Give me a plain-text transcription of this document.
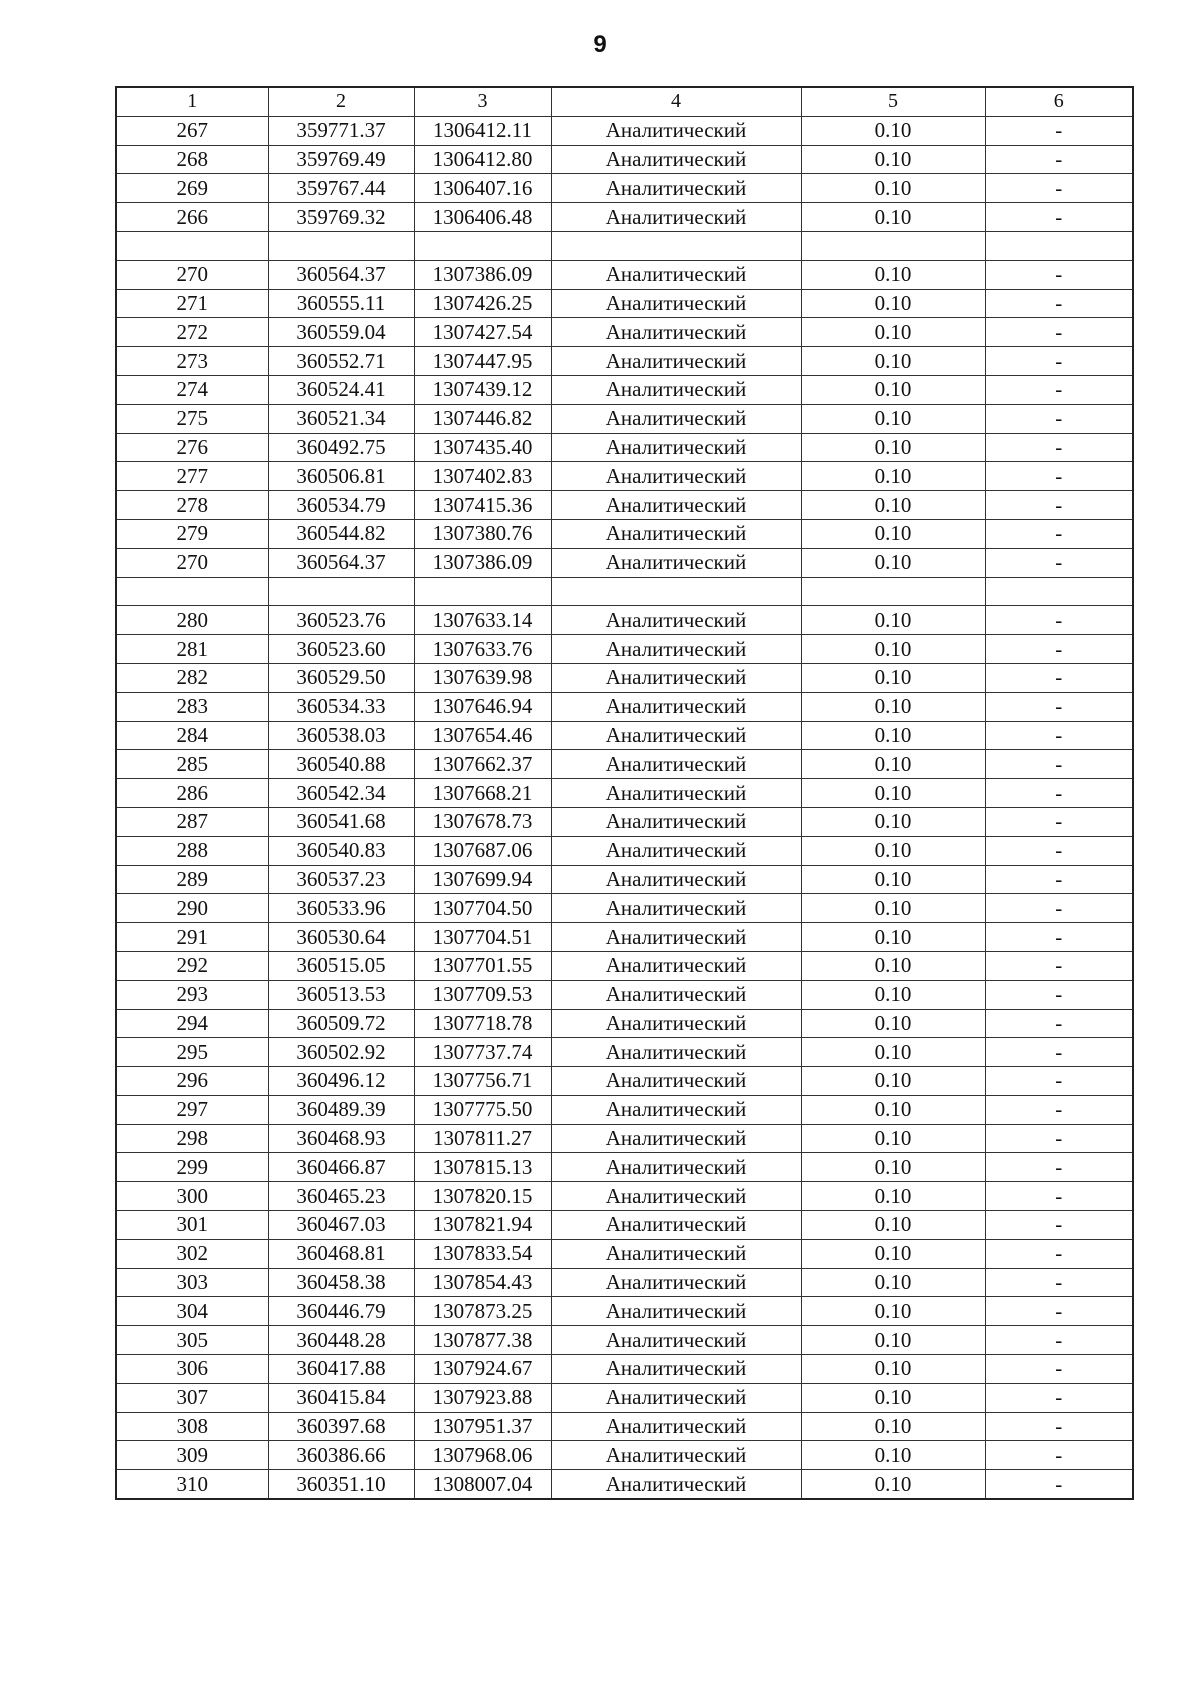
9
1	2	3	4	5	6
267	359771.37	1306412.11	Аналитический	0.10	-
268	359769.49	1306412.80	Аналитический	0.10	-
269	359767.44	1306407.16	Аналитический	0.10	-
266	359769.32	1306406.48	Аналитический	0.10	-

270	360564.37	1307386.09	Аналитический	0.10	-
271	360555.11	1307426.25	Аналитический	0.10	-
272	360559.04	1307427.54	Аналитический	0.10	-
273	360552.71	1307447.95	Аналитический	0.10	-
274	360524.41	1307439.12	Аналитический	0.10	-
275	360521.34	1307446.82	Аналитический	0.10	-
276	360492.75	1307435.40	Аналитический	0.10	-
277	360506.81	1307402.83	Аналитический	0.10	-
278	360534.79	1307415.36	Аналитический	0.10	-
279	360544.82	1307380.76	Аналитический	0.10	-
270	360564.37	1307386.09	Аналитический	0.10	-

280	360523.76	1307633.14	Аналитический	0.10	-
281	360523.60	1307633.76	Аналитический	0.10	-
282	360529.50	1307639.98	Аналитический	0.10	-
283	360534.33	1307646.94	Аналитический	0.10	-
284	360538.03	1307654.46	Аналитический	0.10	-
285	360540.88	1307662.37	Аналитический	0.10	-
286	360542.34	1307668.21	Аналитический	0.10	-
287	360541.68	1307678.73	Аналитический	0.10	-
288	360540.83	1307687.06	Аналитический	0.10	-
289	360537.23	1307699.94	Аналитический	0.10	-
290	360533.96	1307704.50	Аналитический	0.10	-
291	360530.64	1307704.51	Аналитический	0.10	-
292	360515.05	1307701.55	Аналитический	0.10	-
293	360513.53	1307709.53	Аналитический	0.10	-
294	360509.72	1307718.78	Аналитический	0.10	-
295	360502.92	1307737.74	Аналитический	0.10	-
296	360496.12	1307756.71	Аналитический	0.10	-
297	360489.39	1307775.50	Аналитический	0.10	-
298	360468.93	1307811.27	Аналитический	0.10	-
299	360466.87	1307815.13	Аналитический	0.10	-
300	360465.23	1307820.15	Аналитический	0.10	-
301	360467.03	1307821.94	Аналитический	0.10	-
302	360468.81	1307833.54	Аналитический	0.10	-
303	360458.38	1307854.43	Аналитический	0.10	-
304	360446.79	1307873.25	Аналитический	0.10	-
305	360448.28	1307877.38	Аналитический	0.10	-
306	360417.88	1307924.67	Аналитический	0.10	-
307	360415.84	1307923.88	Аналитический	0.10	-
308	360397.68	1307951.37	Аналитический	0.10	-
309	360386.66	1307968.06	Аналитический	0.10	-
310	360351.10	1308007.04	Аналитический	0.10	-
